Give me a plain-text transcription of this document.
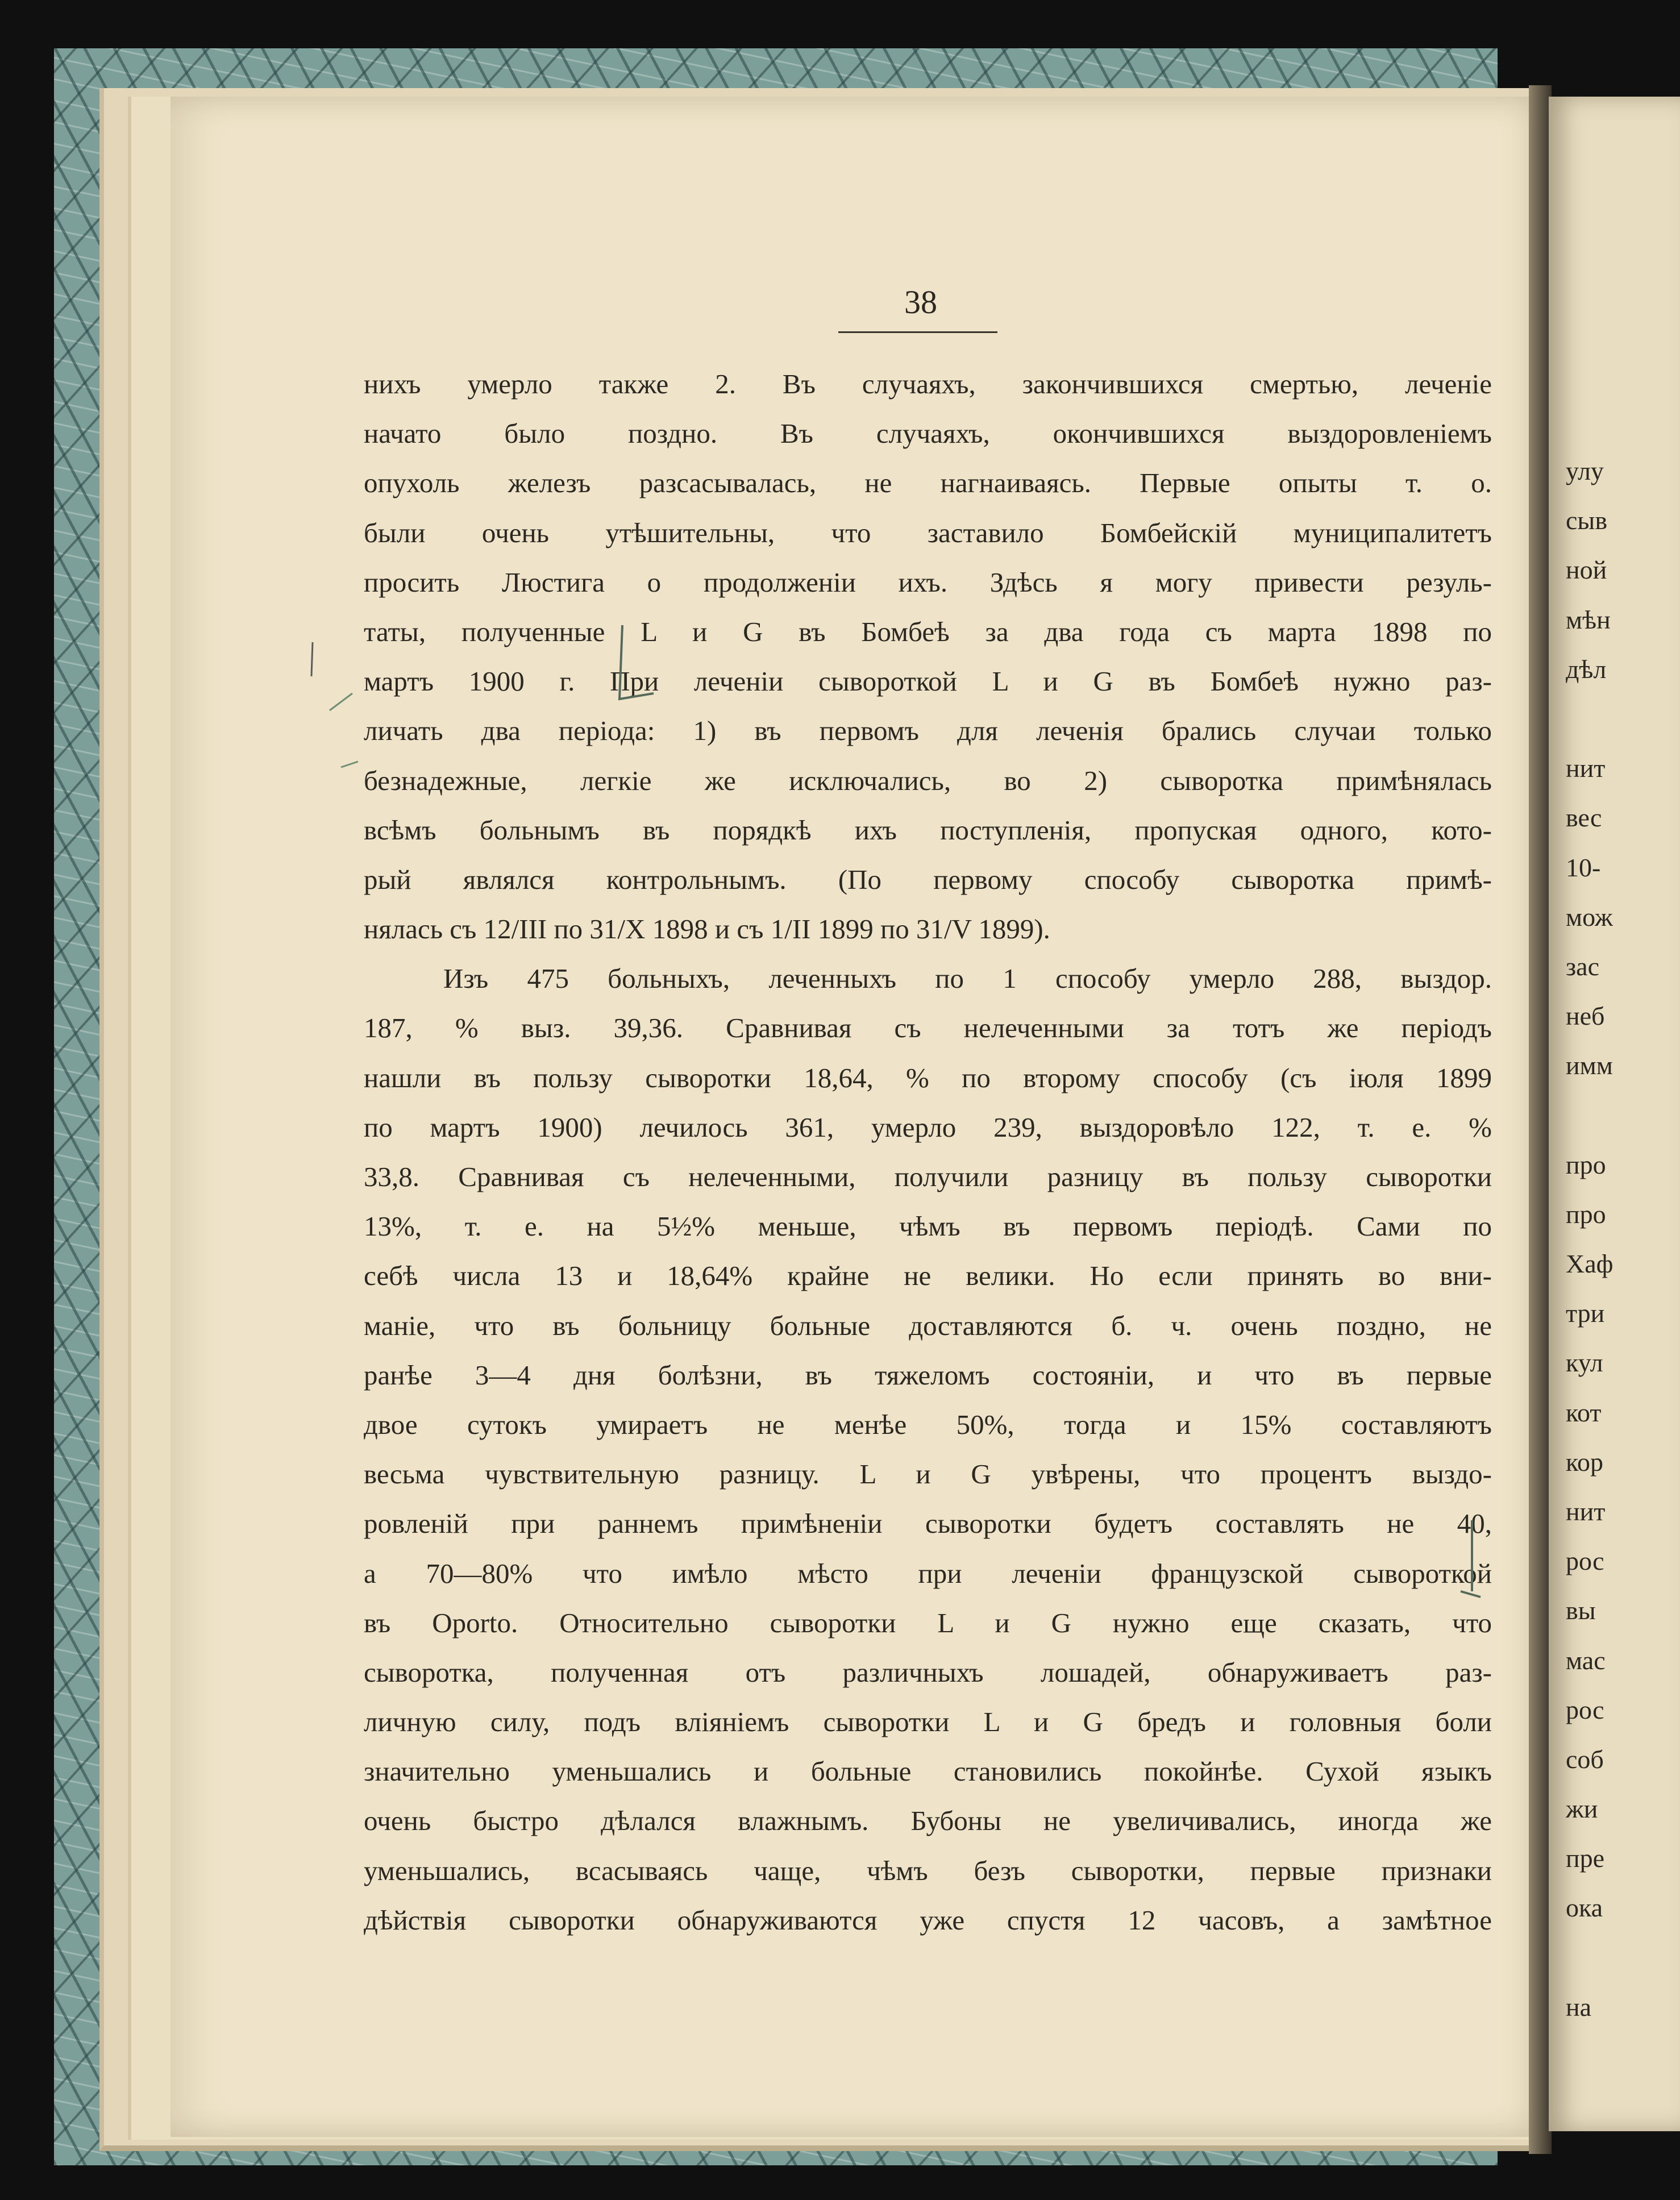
38
нихъ умерло также 2. Въ случаяхъ, закончившихся смертью, леченіе
начато было поздно. Въ случаяхъ, окончившихся выздоровленіемъ
опухоль железъ разсасывалась, не нагнаиваясь. Первые опыты т. о.
были очень утѣшительны, что заставило Бомбейскій муниципалитетъ
просить Люстига о продолженіи ихъ. Здѣсь я могу привести резуль-
таты, полученные L и G въ Бомбеѣ за два года съ марта 1898 по
мартъ 1900 г. При леченіи сывороткой L и G въ Бомбеѣ нужно раз-
личать два періода: 1) въ первомъ для леченія брались случаи только
безнадежные, легкіе же исключались, во 2) сыворотка примѣнялась
всѣмъ больнымъ въ порядкѣ ихъ поступленія, пропуская одного, кото-
рый являлся контрольнымъ. (По первому способу сыворотка примѣ-
нялась съ 12/III по 31/X 1898 и съ 1/II 1899 по 31/V 1899).
Изъ 475 больныхъ, леченныхъ по 1 способу умерло 288, выздор.
187, % выз. 39,36. Сравнивая съ нелеченными за тотъ же періодъ
нашли въ пользу сыворотки 18,64, % по второму способу (съ іюля 1899
по мартъ 1900) лечилось 361, умерло 239, выздоровѣло 122, т. е. %
33,8. Сравнивая съ нелеченными, получили разницу въ пользу сыворотки
13%, т. е. на 5½% меньше, чѣмъ въ первомъ періодѣ. Сами по
себѣ числа 13 и 18,64% крайне не велики. Но если принять во вни-
маніе, что въ больницу больные доставляются б. ч. очень поздно, не
ранѣе 3—4 дня болѣзни, въ тяжеломъ состояніи, и что въ первые
двое сутокъ умираетъ не менѣе 50%, тогда и 15% составляютъ
весьма чувствительную разницу. L и G увѣрены, что процентъ выздо-
ровленій при раннемъ примѣненіи сыворотки будетъ составлять не 40,
а 70—80% что имѣло мѣсто при леченіи французской сывороткой
въ Oporto. Относительно сыворотки L и G нужно еще сказать, что
сыворотка, полученная отъ различныхъ лошадей, обнаруживаетъ раз-
личную силу, подъ вліяніемъ сыворотки L и G бредъ и головныя боли
значительно уменьшались и больные становились покойнѣе. Сухой языкъ
очень быстро дѣлался влажнымъ. Бубоны не увеличивались, иногда же
уменьшались, всасываясь чаще, чѣмъ безъ сыворотки, первые признаки
дѣйствія сыворотки обнаруживаются уже спустя 12 часовъ, а замѣтное
улу
сыв
ной
мѣн
дѣл
нит
вес
10-
мож
зас
неб
имм
про
про
Хаф
три
кул
кот
кор
нит
рос
вы
мас
рос
соб
жи
пре
ока
на
